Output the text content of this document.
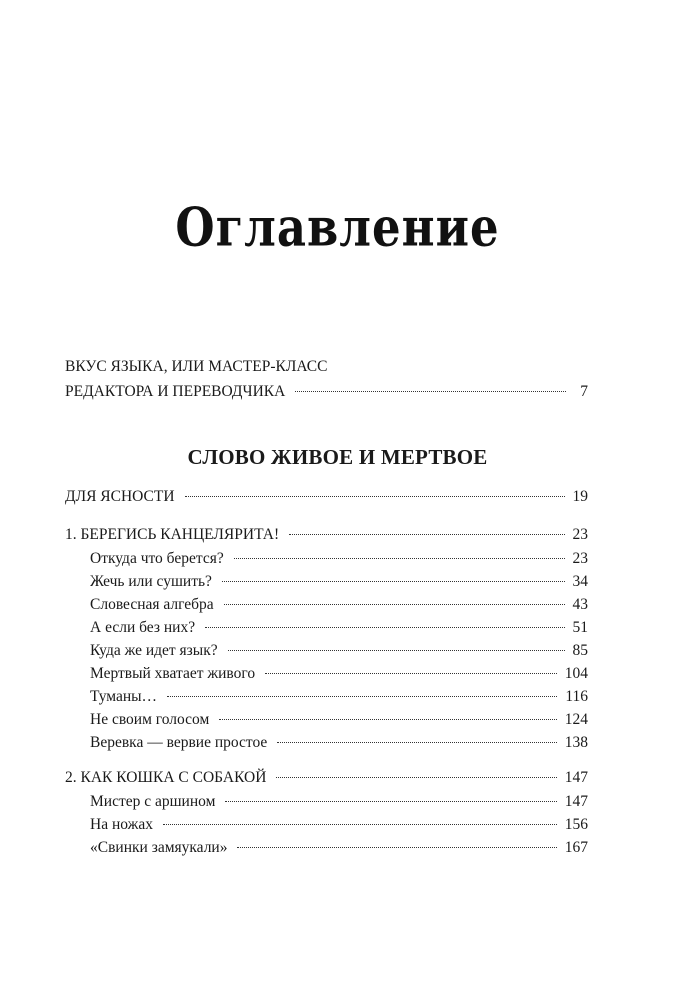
Оглавление
ВКУС ЯЗЫКА, ИЛИ МАСТЕР-КЛАСС
РЕДАКТОРА И ПЕРЕВОДЧИКА	7
СЛОВО ЖИВОЕ И МЕРТВОЕ
ДЛЯ ЯСНОСТИ	19
1. БЕРЕГИСЬ КАНЦЕЛЯРИТА!	23
Откуда что берется?	23
Жечь или сушить?	34
Словесная алгебра	43
А если без них?	51
Куда же идет язык?	85
Мертвый хватает живого	104
Туманы…	116
Не своим голосом	124
Веревка — вервие простое	138
2. КАК КОШКА С СОБАКОЙ	147
Мистер с аршином	147
На ножах	156
«Свинки замяукали»	167
